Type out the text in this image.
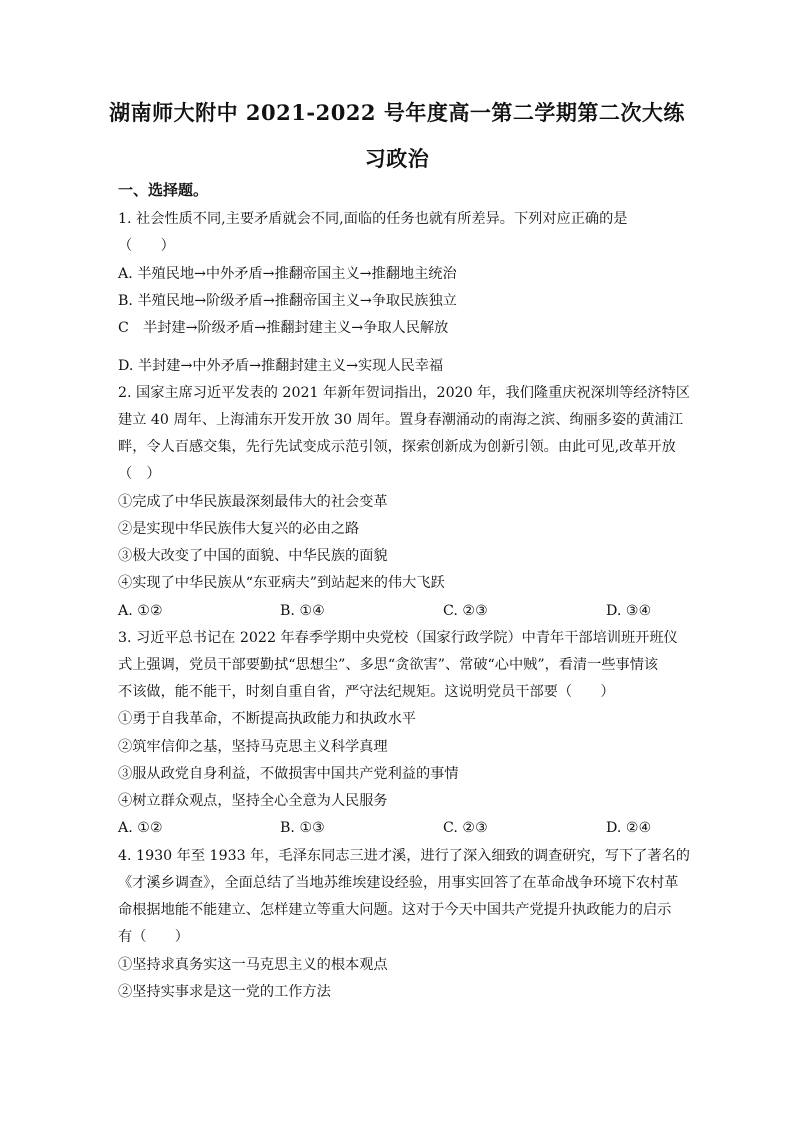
湖南师大附中 2021-2022 号年度高一第二学期第二次大练
习政治
一、选择题。
1. 社会性质不同,主要矛盾就会不同,面临的任务也就有所差异。下列对应正确的是
（　　）
A. 半殖民地→中外矛盾→推翻帝国主义→推翻地主统治
B. 半殖民地→阶级矛盾→推翻帝国主义→争取民族独立
C　半封建→阶级矛盾→推翻封建主义→争取人民解放
D. 半封建→中外矛盾→推翻封建主义→实现人民幸福
2. 国家主席习近平发表的 2021 年新年贺词指出，2020 年，我们隆重庆祝深圳等经济特区
建立 40 周年、上海浦东开发开放 30 周年。置身春潮涌动的南海之滨、绚丽多姿的黄浦江
畔，令人百感交集，先行先试变成示范引领，探索创新成为创新引领。由此可见,改革开放
（　）
①完成了中华民族最深刻最伟大的社会变革
②是实现中华民族伟大复兴的必由之路
③极大改变了中国的面貌、中华民族的面貌
④实现了中华民族从“东亚病夫”到站起来的伟大飞跃
A. ①②	B. ①④	C. ②③	D. ③④
3. 习近平总书记在 2022 年春季学期中央党校（国家行政学院）中青年干部培训班开班仪
式上强调，党员干部要勤拭“思想尘”、多思“贪欲害”、常破“心中贼”，看清一些事情该
不该做，能不能干，时刻自重自省，严守法纪规矩。这说明党员干部要（　　）
①勇于自我革命，不断提高执政能力和执政水平
②筑牢信仰之基，坚持马克思主义科学真理
③服从政党自身利益，不做损害中国共产党利益的事情
④树立群众观点，坚持全心全意为人民服务
A. ①②	B. ①③	C. ②③	D. ②④
4. 1930 年至 1933 年，毛泽东同志三进才溪，进行了深入细致的调查研究，写下了著名的
《才溪乡调查》，全面总结了当地苏维埃建设经验，用事实回答了在革命战争环境下农村革
命根据地能不能建立、怎样建立等重大问题。这对于今天中国共产党提升执政能力的启示
有（　　）
①坚持求真务实这一马克思主义的根本观点
②坚持实事求是这一党的工作方法
